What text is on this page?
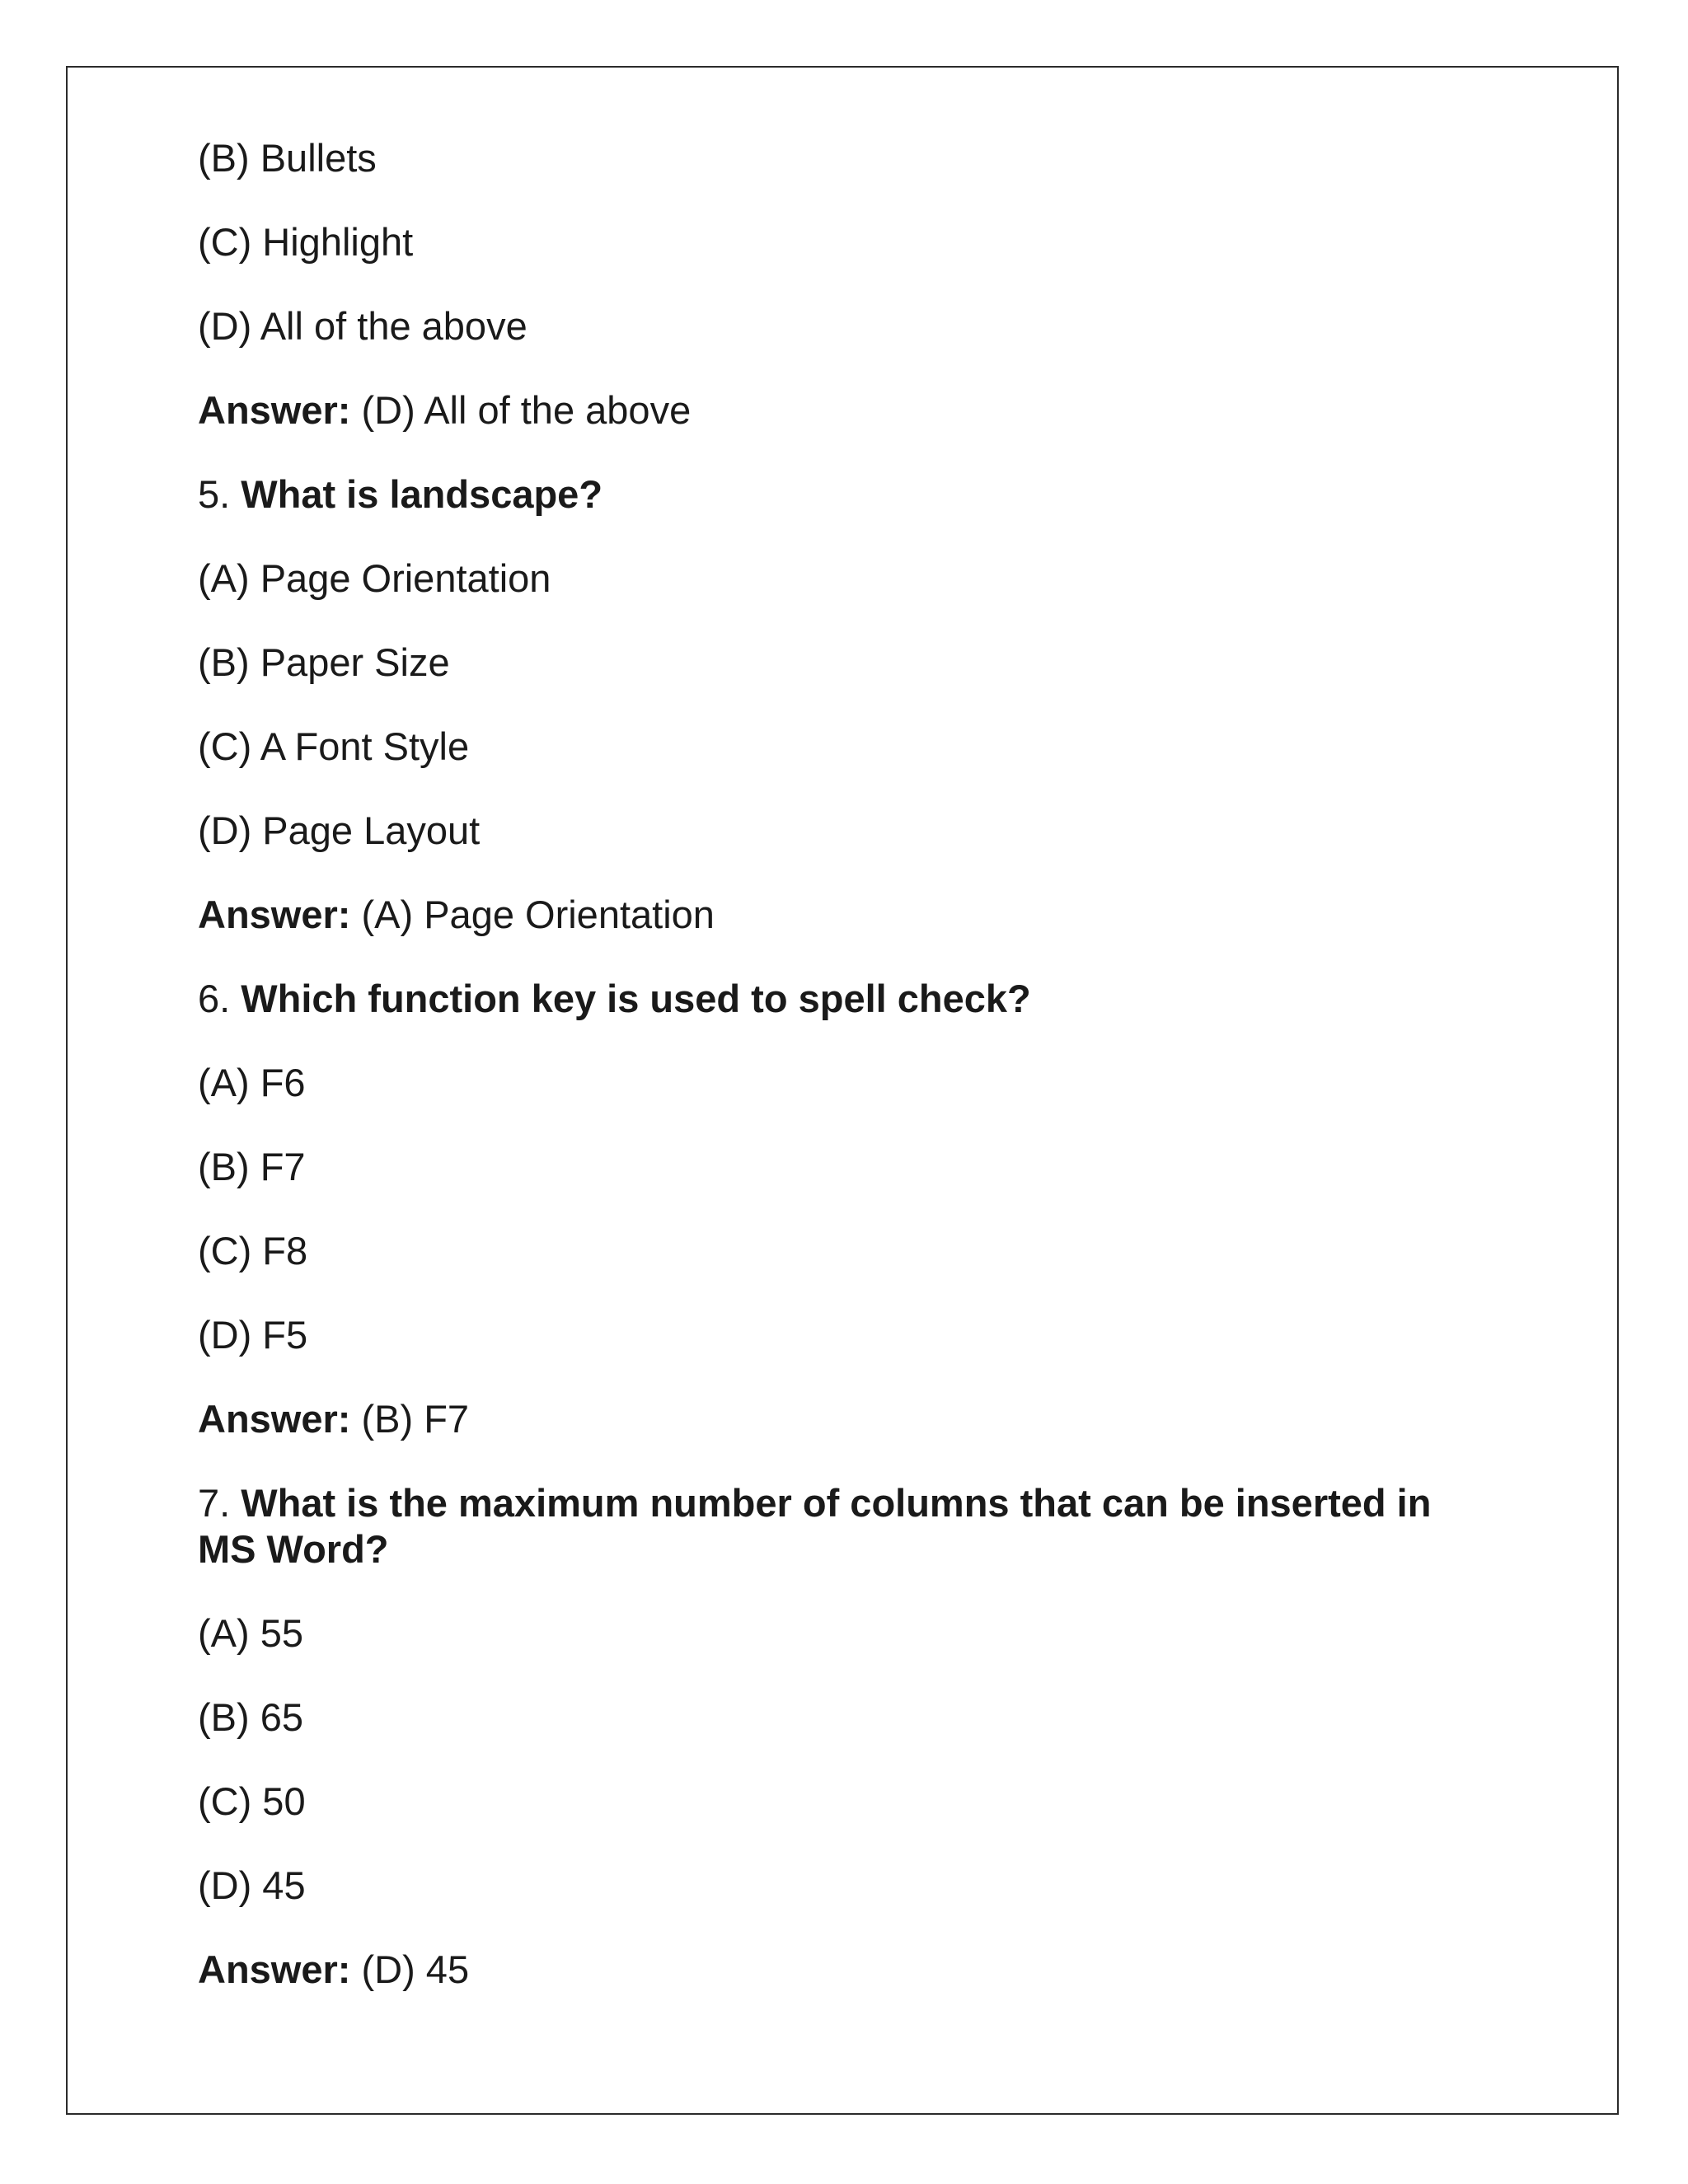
(B) Bullets

(C) Highlight

(D) All of the above

Answer: (D) All of the above

5. What is landscape?

(A) Page Orientation

(B) Paper Size

(C) A Font Style

(D) Page Layout

Answer: (A) Page Orientation

6. Which function key is used to spell check?

(A) F6

(B) F7

(C) F8

(D) F5

Answer: (B) F7

7. What is the maximum number of columns that can be inserted in MS Word?

(A) 55

(B) 65

(C) 50

(D) 45

Answer: (D) 45
